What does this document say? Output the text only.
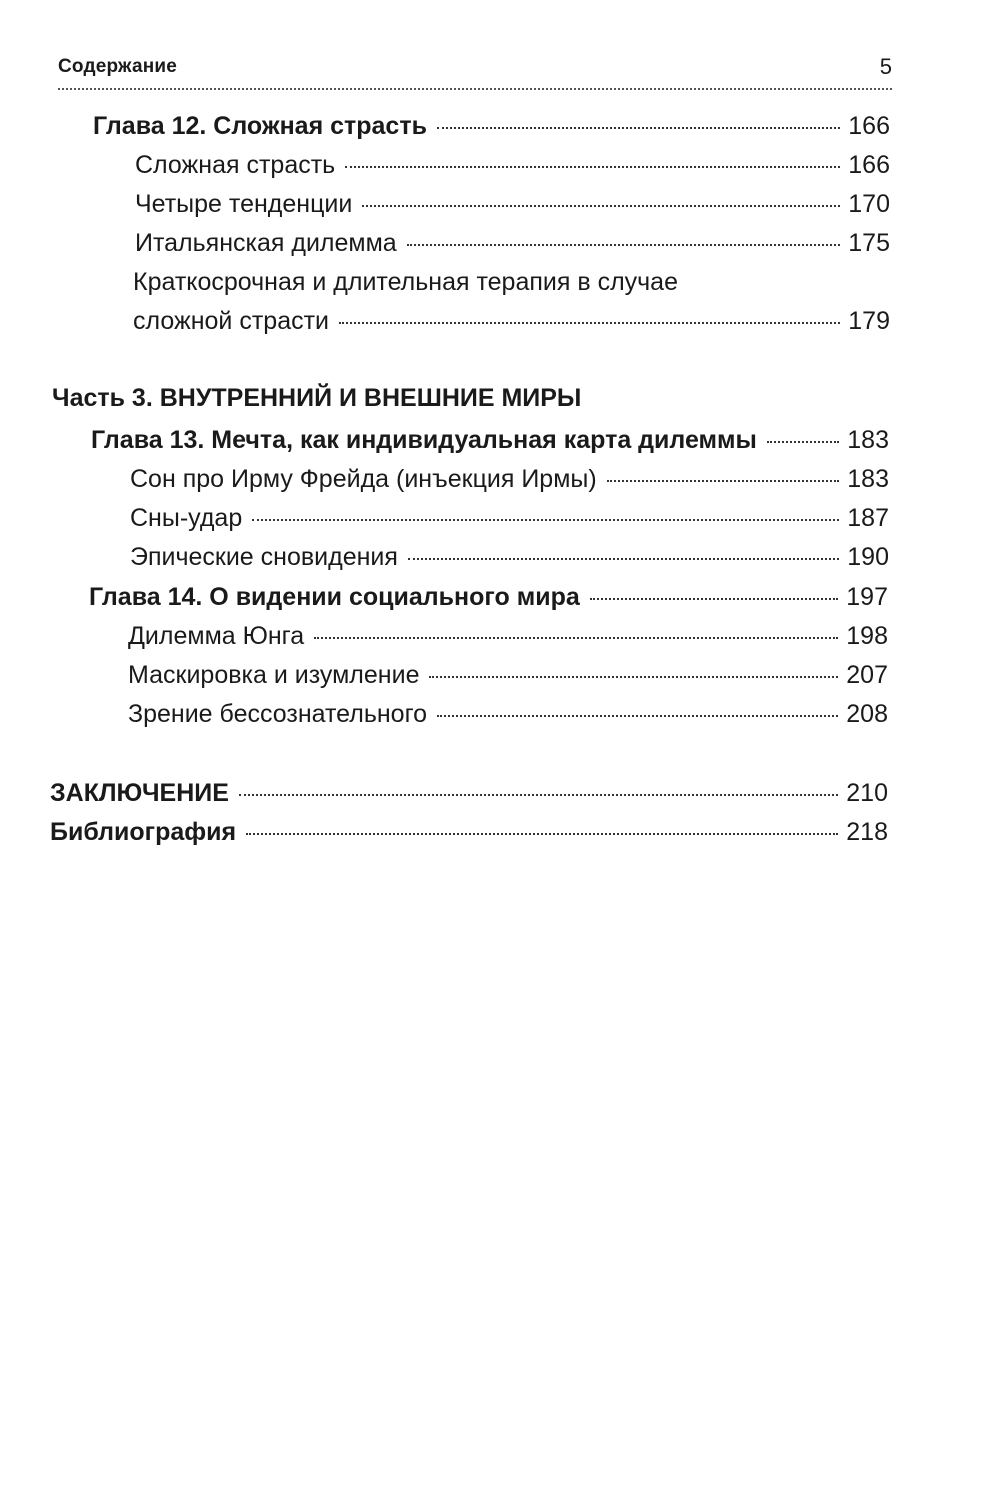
Содержание	5
Глава 12. Сложная страсть	166
Сложная страсть	166
Четыре тенденции	170
Итальянская дилемма	175
Краткосрочная и длительная терапия в случае
сложной страсти	179
Часть 3. ВНУТРЕННИЙ И ВНЕШНИЕ МИРЫ
Глава 13. Мечта, как индивидуальная карта дилеммы	183
Сон про Ирму Фрейда (инъекция Ирмы)	183
Сны-удар	187
Эпические сновидения	190
Глава 14. О видении социального мира	197
Дилемма Юнга	198
Маскировка и изумление	207
Зрение бессознательного	208
ЗАКЛЮЧЕНИЕ	210
Библиография	218
